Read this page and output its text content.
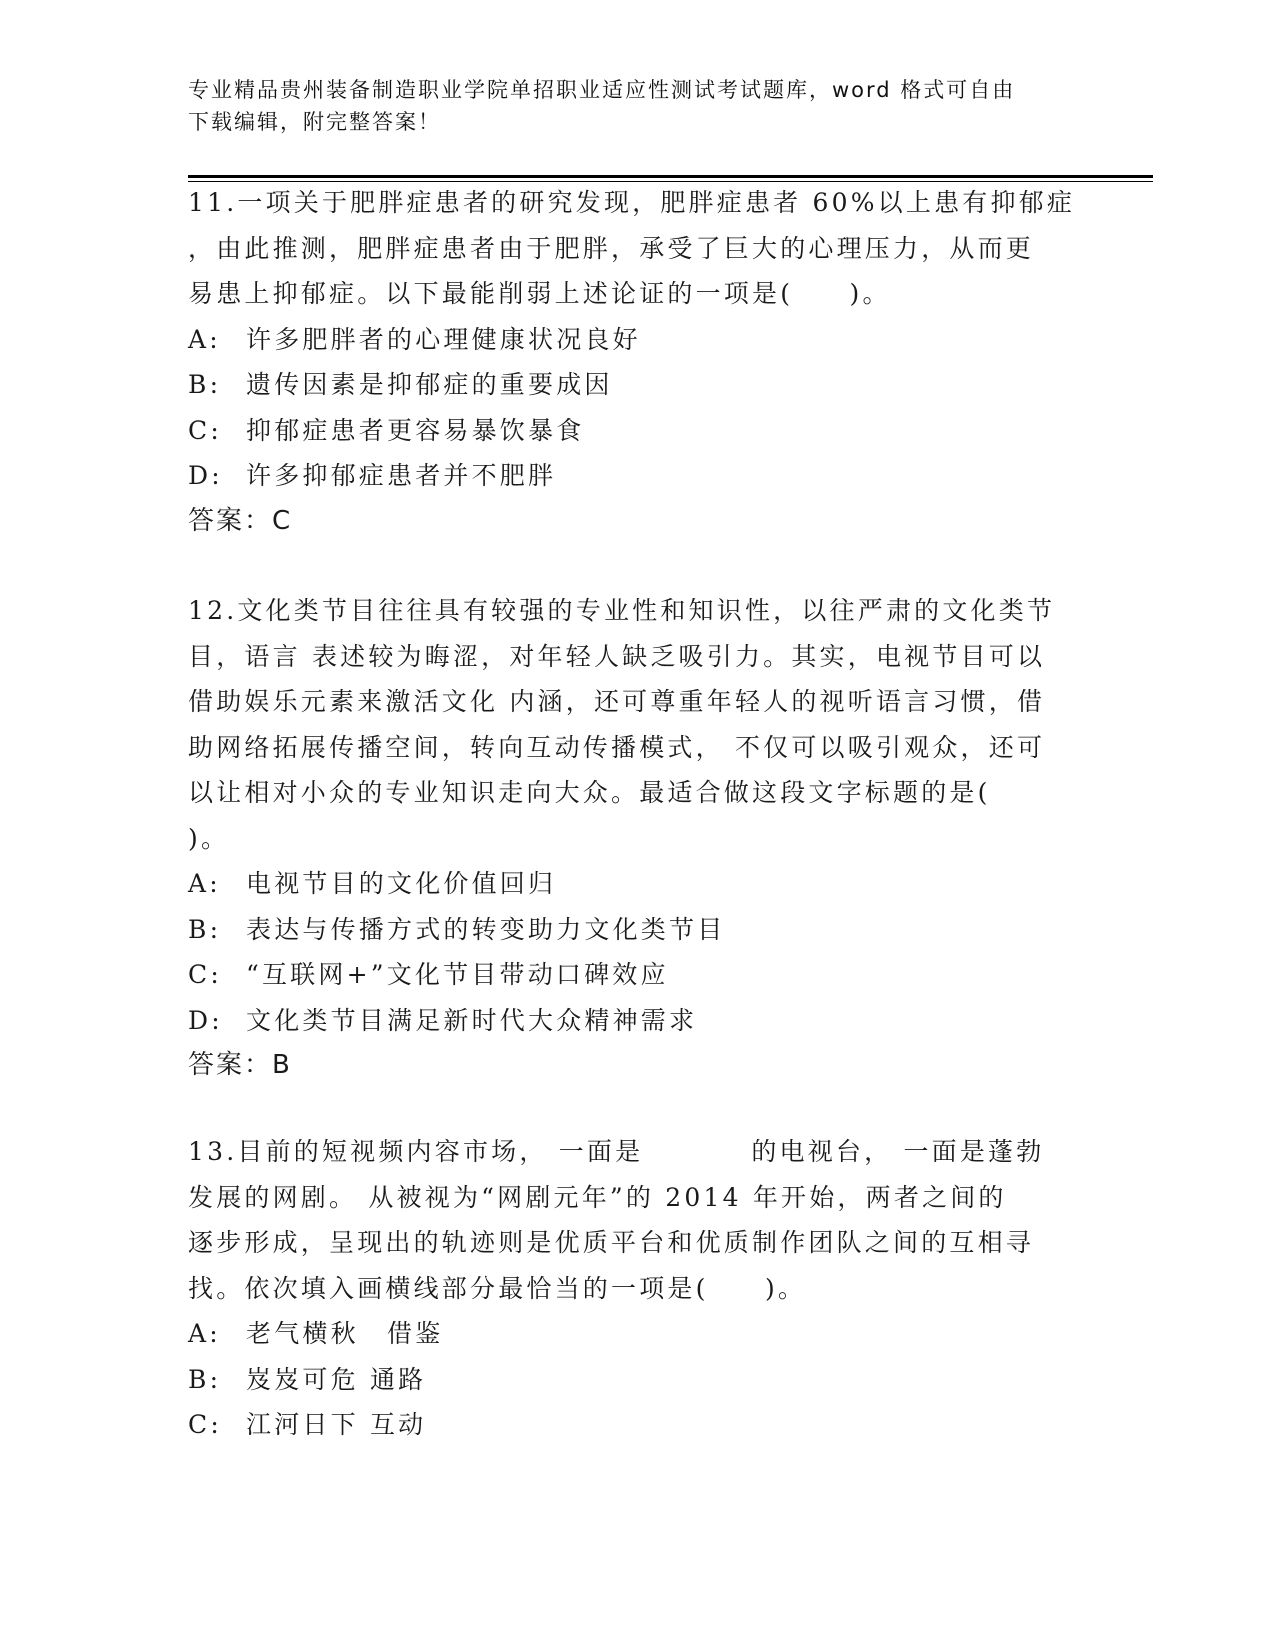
专业精品贵州装备制造职业学院单招职业适应性测试考试题库，word 格式可自由
下载编辑，附完整答案！
11.一项关于肥胖症患者的研究发现，肥胖症患者 60%以上患有抑郁症
，由此推测，肥胖症患者由于肥胖，承受了巨大的心理压力，从而更
易患上抑郁症。以下最能削弱上述论证的一项是(　　)。
A: 许多肥胖者的心理健康状况良好
B: 遗传因素是抑郁症的重要成因
C: 抑郁症患者更容易暴饮暴食
D: 许多抑郁症患者并不肥胖
答案：C
12.文化类节目往往具有较强的专业性和知识性，以往严肃的文化类节
目，语言 表述较为晦涩，对年轻人缺乏吸引力。其实，电视节目可以
借助娱乐元素来激活文化 内涵，还可尊重年轻人的视听语言习惯，借
助网络拓展传播空间，转向互动传播模式， 不仅可以吸引观众，还可
以让相对小众的专业知识走向大众。最适合做这段文字标题的是(
)。
A: 电视节目的文化价值回归
B: 表达与传播方式的转变助力文化类节目
C: “互联网+”文化节目带动口碑效应
D: 文化类节目满足新时代大众精神需求
答案：B
13.目前的短视频内容市场， 一面是	的电视台， 一面是蓬勃
发展的网剧。 从被视为“网剧元年”的 2014 年开始，两者之间的
逐步形成，呈现出的轨迹则是优质平台和优质制作团队之间的互相寻
找。依次填入画横线部分最恰当的一项是(　　)。
A: 老气横秋　借鉴
B: 岌岌可危 通路
C: 江河日下 互动
